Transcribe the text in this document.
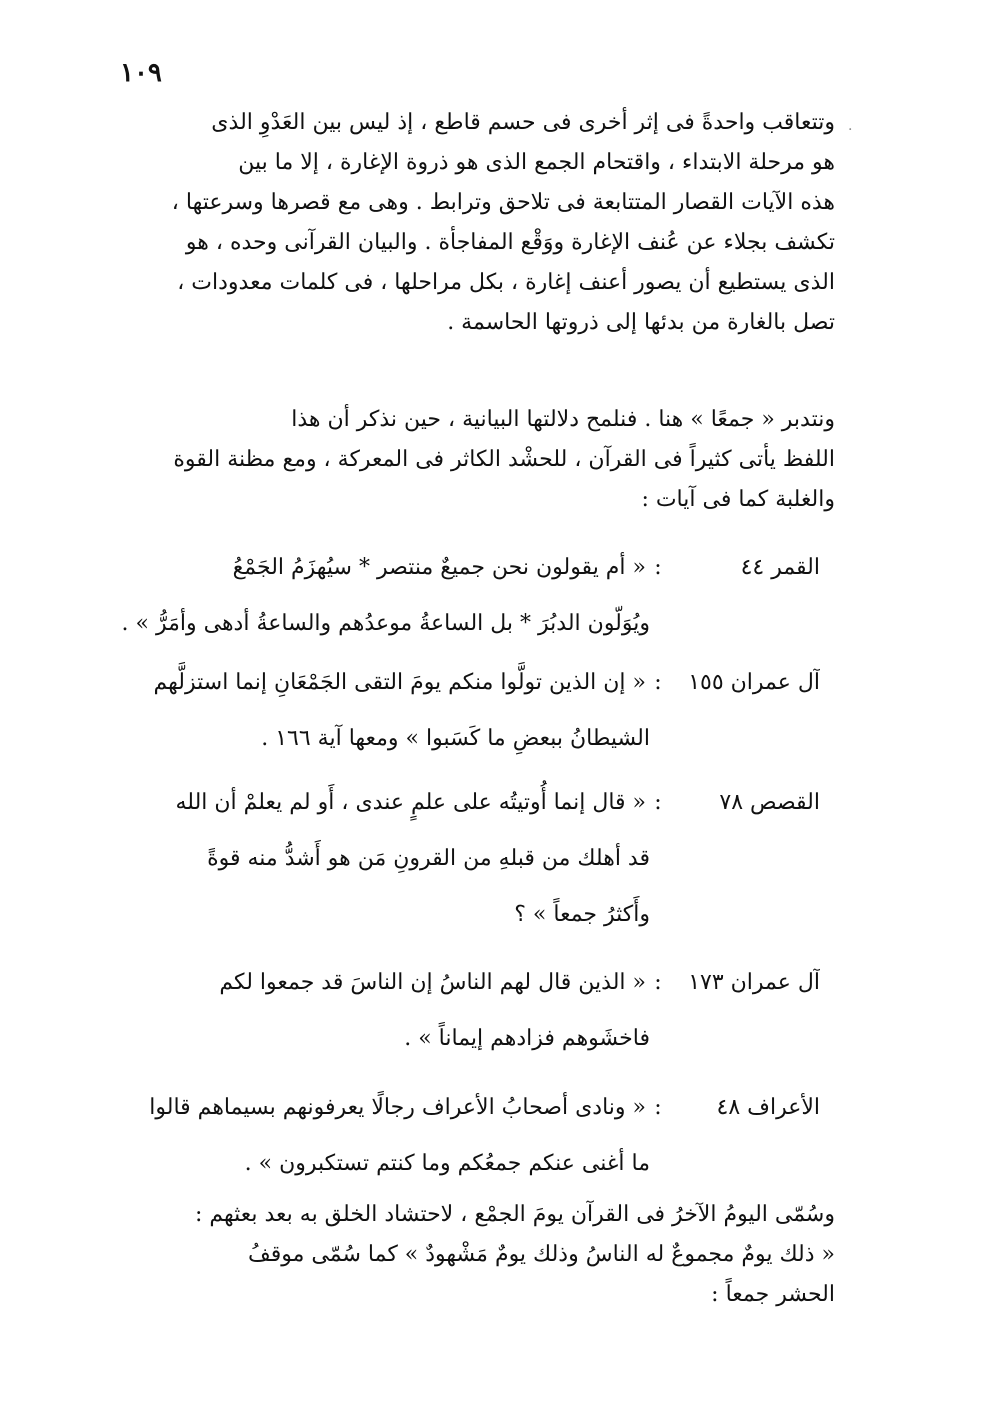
١٠٩
.
وتتعاقب واحدةً فى إثر أخرى فى حسم قاطع ، إذ ليس بين العَدْوِ الذى
هو مرحلة الابتداء ، واقتحام الجمع الذى هو ذروة الإغارة ، إلا ما بين
هذه الآيات القصار المتتابعة فى تلاحق وترابط . وهى مع قصرها وسرعتها ،
تكشف بجلاء عن عُنف الإغارة ووَقْع المفاجأة . والبيان القرآنى وحده ، هو
الذى يستطيع أن يصور أعنف إغارة ، بكل مراحلها ، فى كلمات معدودات ،
تصل بالغارة من بدئها إلى ذروتها الحاسمة .
ونتدبر « جمعًا » هنا . فنلمح دلالتها البيانية ، حين نذكر أن هذا
اللفظ يأتى كثيراً فى القرآن ، للحشْد الكاثر فى المعركة ، ومع مظنة القوة
والغلبة كما فى آيات :
القمر ٤٤:« أم يقولون نحن جميعٌ منتصر * سيُهزَمُ الجَمْعُ
ويُوَلّون الدبُرَ * بل الساعةُ موعدُهم والساعةُ أدهى وأمَرُّ » .
آل عمران ١٥٥:« إن الذين تولَّوا منكم يومَ التقى الجَمْعَانِ إنما استزلَّهم
الشيطانُ ببعضِ ما كَسَبوا » ومعها آية ١٦٦ .
القصص ٧٨:« قال إنما أُوتيتُه على علمٍ عندى ، أَو لم يعلمْ أن الله
قد أهلك من قبلهِ من القرونِ مَن هو أَشدُّ منه قوةً
وأَكثرُ جمعاً » ؟
آل عمران ١٧٣:« الذين قال لهم الناسُ إن الناسَ قد جمعوا لكم
فاخشَوهم فزادهم إيماناً » .
الأعراف ٤٨:« ونادى أصحابُ الأعراف رجالًا يعرفونهم بسيماهم قالوا
ما أغنى عنكم جمعُكم وما كنتم تستكبرون » .
وسُمّى اليومُ الآخرُ فى القرآن يومَ الجمْع ، لاحتشاد الخلق به بعد بعثهم :
« ذلك يومٌ مجموعٌ له الناسُ وذلك يومٌ مَشْهودٌ » كما سُمّى موقفُ
الحشر جمعاً :
